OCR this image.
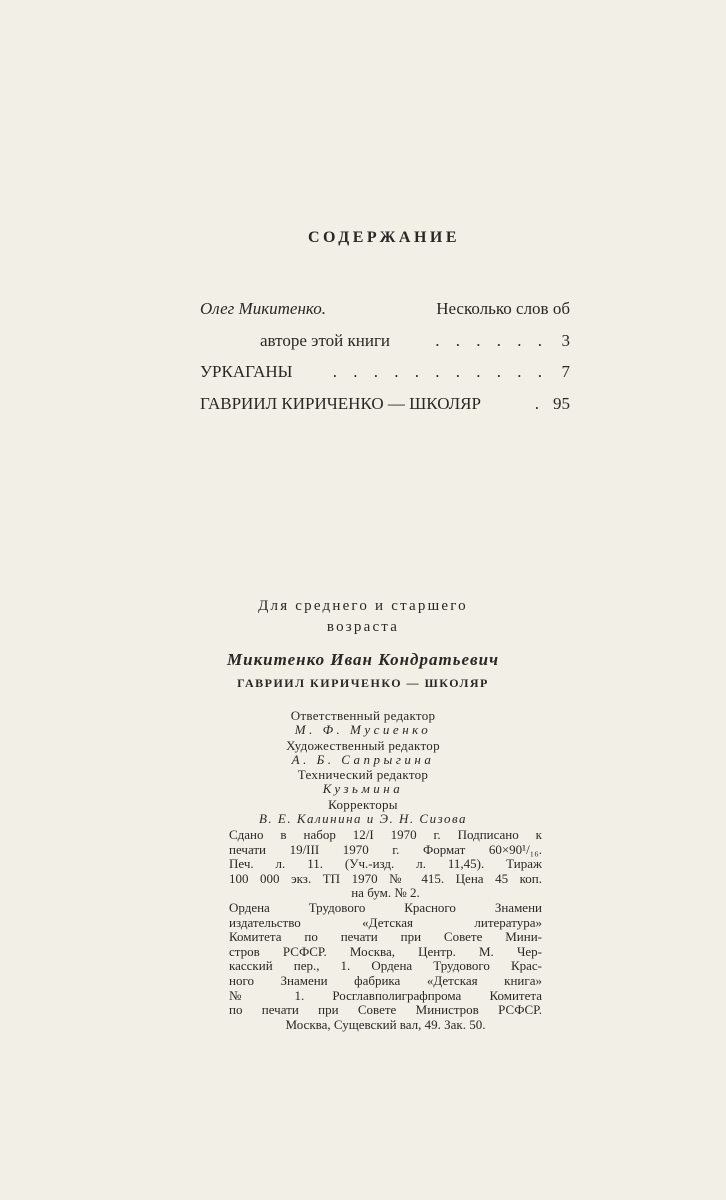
СОДЕРЖАНИЕ
Олег Микитенко.	Несколько слов об
авторе этой книги	. . . . . . 3
УРКАГАНЫ	. . . . . . . . . . . 7
ГАВРИИЛ КИРИЧЕНКО — ШКОЛЯР	. 95
Для среднего и старшего
возраста
Микитенко Иван Кондратьевич
ГАВРИИЛ КИРИЧЕНКО — ШКОЛЯР
Ответственный редактор
М. Ф. Мусиенко
Художественный редактор
А. Б. Сапрыгина
Технический редактор
Кузьмина
Корректоры
В. Е. Калинина и Э. Н. Сизова
Сдано в набор 12/I 1970 г. Подписано к
печати 19/III 1970 г. Формат 60×90¹/₁₆.
Печ. л. 11. (Уч.-изд. л. 11,45). Тираж
100 000 экз. ТП 1970 № 415. Цена 45 коп.
на бум. № 2.
Ордена Трудового Красного Знамени
издательство «Детская литература»
Комитета по печати при Совете Мини-
стров РСФСР. Москва, Центр. М. Чер-
касский пер., 1. Ордена Трудового Крас-
ного Знамени фабрика «Детская книга»
№ 1. Росглавполиграфпрома Комитета
по печати при Совете Министров РСФСР.
Москва, Сущевский вал, 49. Зак. 50.
